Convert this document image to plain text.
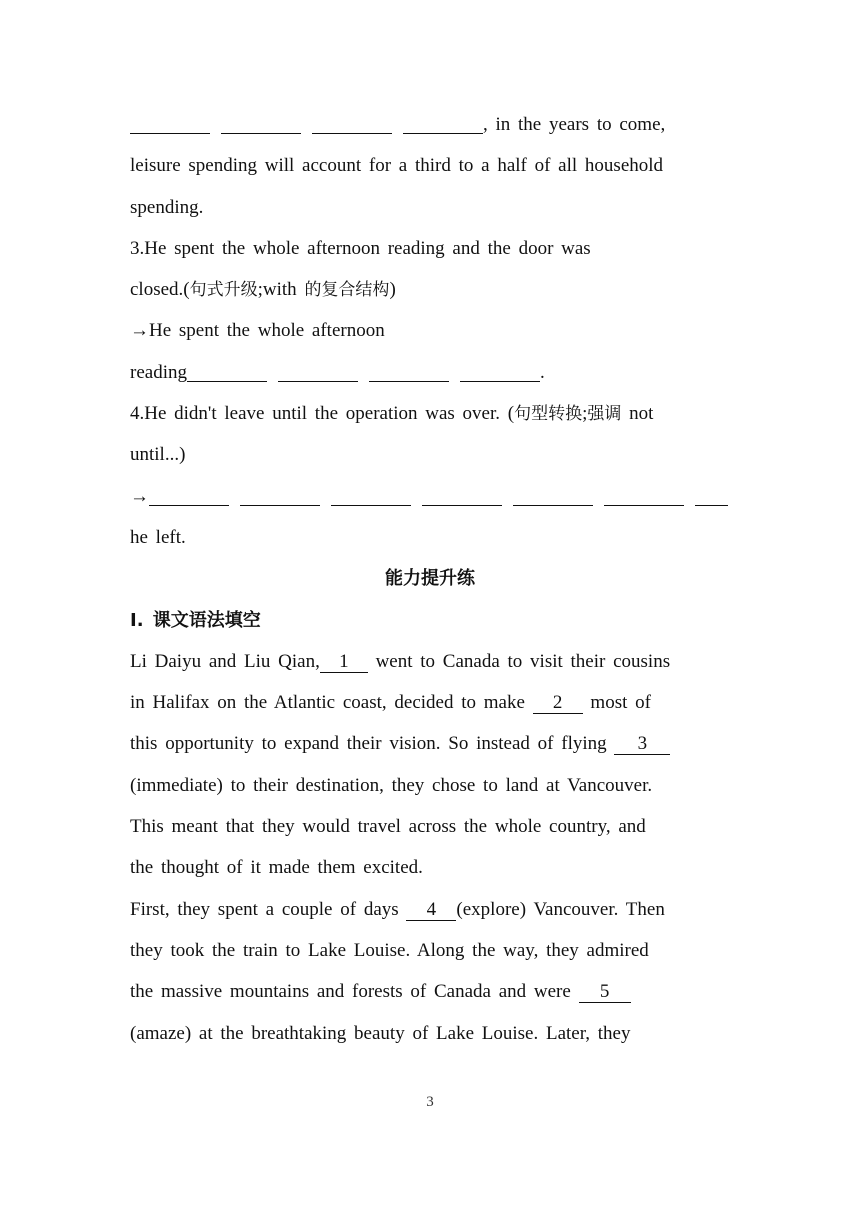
, in the years to come,
leisure spending will account for a third to a half of all household
spending.
3.He spent the whole afternoon reading and the door was
closed.(句式升级;with 的复合结构)
→He spent the whole afternoon
reading	.
4.He didn't leave until the operation was over. (句型转换;强调 not
until...)
→
he left.
能力提升练
Ⅰ. 课文语法填空
Li Daiyu and Liu Qian, 1 went to Canada to visit their cousins
in Halifax on the Atlantic coast, decided to make 2 most of
this opportunity to expand their vision. So instead of flying 3
(immediate) to their destination, they chose to land at Vancouver.
This meant that they would travel across the whole country, and
the thought of it made them excited.
First, they spent a couple of days 4 (explore) Vancouver. Then
they took the train to Lake Louise. Along the way, they admired
the massive mountains and forests of Canada and were 5
(amaze) at the breathtaking beauty of Lake Louise. Later, they
3
